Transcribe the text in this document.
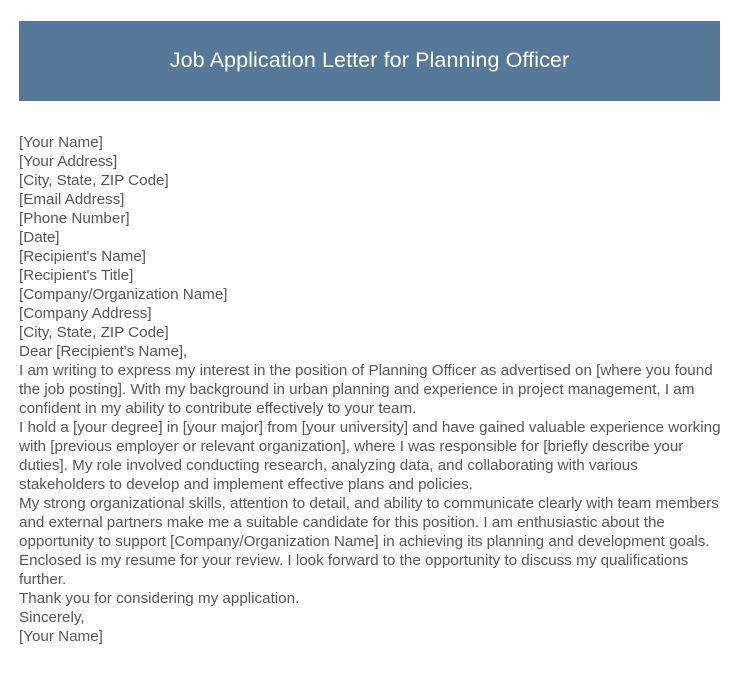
Job Application Letter for Planning Officer
[Your Name]
[Your Address]
[City, State, ZIP Code]
[Email Address]
[Phone Number]
[Date]
[Recipient's Name]
[Recipient's Title]
[Company/Organization Name]
[Company Address]
[City, State, ZIP Code]
Dear [Recipient's Name],

I am writing to express my interest in the position of Planning Officer as advertised on [where you found the job posting]. With my background in urban planning and experience in project management, I am confident in my ability to contribute effectively to your team.

I hold a [your degree] in [your major] from [your university] and have gained valuable experience working with [previous employer or relevant organization], where I was responsible for [briefly describe your duties]. My role involved conducting research, analyzing data, and collaborating with various stakeholders to develop and implement effective plans and policies.

My strong organizational skills, attention to detail, and ability to communicate clearly with team members and external partners make me a suitable candidate for this position. I am enthusiastic about the opportunity to support [Company/Organization Name] in achieving its planning and development goals.

Enclosed is my resume for your review. I look forward to the opportunity to discuss my qualifications further.

Thank you for considering my application.

Sincerely,
[Your Name]
